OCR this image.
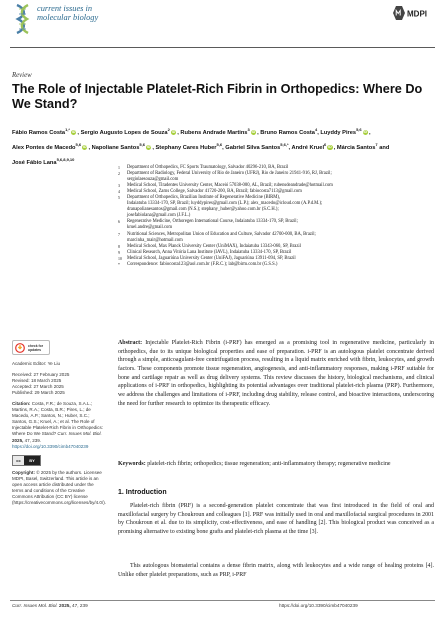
current issues in
molecular biology	MDPI
Review
The Role of Injectable Platelet-Rich Fibrin in Orthopedics: Where Do We Stand?
Fábio Ramos Costa$^{1,*}$ iD , Sergio Augusto Lopes de Souza$^2$ iD , Rubens Andrade Martins$^3$ iD , Bruno Ramos Costa$^4$, Luyddy Pires$^{5,6}$ iD , Alex Pontes de Macedo$^{5,6}$ iD , Napoliane Santos$^{5,6}$ iD , Stephany Cares Huber$^{5,6}$, Gabriel Silva Santos$^{5,6,*}$, André Kruel$^6$ iD , Márcia Santos$^7$ and José Fábio Lana$^{5,6,8,9,10}$
1 Department of Orthopedics, FC Sports Traumatology, Salvador 40296-210, BA, Brazil
2 Department of Radiology, Federal University of Rio de Janeiro (UFRJ), Rio de Janeiro 21941-916, RJ, Brazil;
sergiolaesouza@gmail.com
3 Medical School, Tiradentes University Center, Maceió 57038-000, AL, Brazil; rubensdeandrade@hotmail.com
4 Medical School, Zarns College, Salvador 41720-200, BA, Brazil; fabiocosta7113@gmail.com
5 Department of Orthopedics, Brazilian Institute of Regenerative Medicine (BIRM),
Indaiatuba 13334-170, SP, Brazil; luyddypires@gmail.com (L.P.); alex_macedo@icloud.com (A.P.d.M.);
dranapolianesantos@gmail.com (N.S.); stephany_huber@yahoo.com.br (S.C.H.);
josefabiolana@gmail.com (J.F.L.)
6 Regenerative Medicine, Orthoregen International Course, Indaiatuba 13334-170, SP, Brazil;
kruel.andre@gmail.com
7 Nutritional Sciences, Metropolitan Union of Education and Culture, Salvador 42700-000, BA, Brazil;
marcinha_mair@hotmail.com
8 Medical School, Max Planck University Center (UniMAX), Indaiatuba 13343-060, SP, Brazil
9 Clinical Research, Anna Vitória Lana Institute (IAVL), Indaiatuba 13334-170, SP, Brazil
10 Medical School, Jaguariúna University Center (UniFAJ), Jaguariúna 13911-094, SP, Brazil
* Correspondence: fabiocosta123@aol.com.br (F.R.C.); lab@birm.com.br (G.S.S.)
check for
updates
Academic Editor: Ye Liu
Received: 27 February 2025
Revised: 18 March 2025
Accepted: 27 March 2025
Published: 29 March 2025
Citation: Costa, F.R.; de Souza, S.A.L.; Martins, R.A.; Costa, B.R.; Pires, L.; de Macedo, A.P.; Santos, N.; Huber, S.C.; Santos, G.S.; Kruel, A.; et al. The Role of Injectable Platelet-Rich Fibrin in Orthopedics: Where Do We Stand? Curr. Issues Mol. Biol. 2025, 47, 239. https://doi.org/10.3390/cimb47040239
cc	BY
Copyright: © 2025 by the authors. Licensee MDPI, Basel, Switzerland. This article is an open access article distributed under the terms and conditions of the Creative Commons Attribution (CC BY) license (https://creativecommons.org/licenses/by/4.0/).

Abstract: Injectable Platelet-Rich Fibrin (i-PRF) has emerged as a promising tool in regenerative medicine, particularly in orthopedics, due to its unique biological properties and ease of preparation. i-PRF is an autologous platelet concentrate derived through a simple, anticoagulant-free centrifugation process, resulting in a liquid matrix enriched with fibrin, leukocytes, and growth factors. These components promote tissue regeneration, angiogenesis, and anti-inflammatory responses, making i-PRF suitable for bone and cartilage repair as well as drug delivery systems. This review discusses the history, biological mechanisms, and clinical applications of i-PRF in orthopedics, highlighting its potential advantages over traditional platelet-rich plasma (PRP). Furthermore, we address the challenges and limitations of i-PRF, including drug stability, release control, and bioactive interactions, underscoring the need for further research to optimize its therapeutic efficacy.

Keywords: platelet-rich fibrin; orthopedics; tissue regeneration; anti-inflammatory therapy; regenerative medicine

1. Introduction

Platelet-rich fibrin (PRF) is a second-generation platelet concentrate that was first introduced in the field of oral and maxillofacial surgery by Choukroun and colleagues [1]. PRF was initially used in oral and maxillofacial surgical procedures in 2001 by Choukroun et al. due to its simplicity, cost-effectiveness, and ease of handling [2]. This biological product was conceived as a promising alternative to existing bone grafts and platelet-rich plasma at the time [3].

This autologous biomaterial contains a dense fibrin matrix, along with leukocytes and a wide range of healing proteins [4]. Unlike other platelet preparations, such as PRP, i-PRF

Curr. Issues Mol. Biol. 2025, 47, 239	https://doi.org/10.3390/cimb47040239
